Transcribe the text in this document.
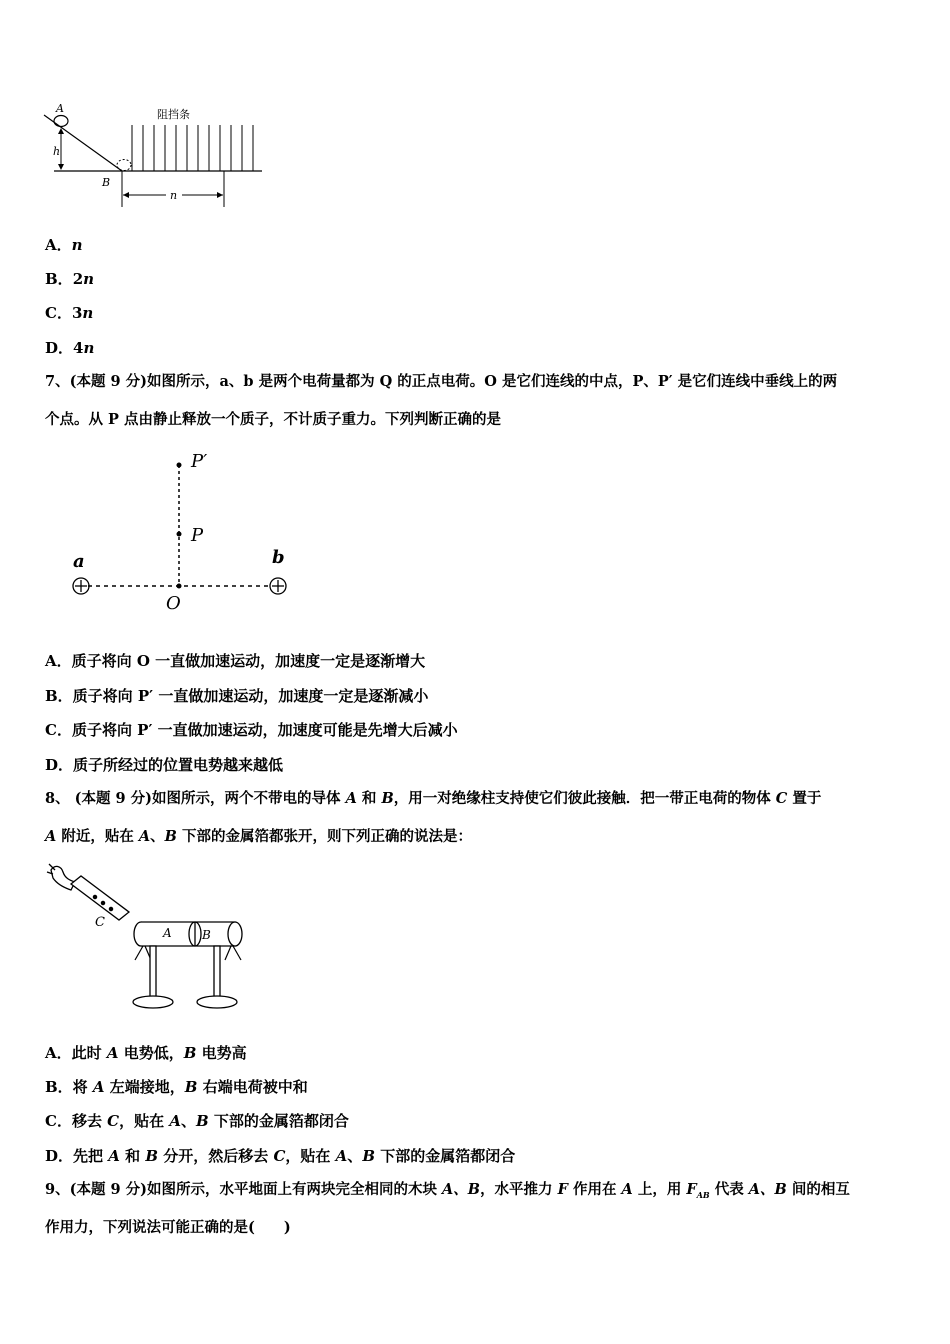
A
h
B
阻挡条
n
A．n
B．2n
C．3n
D．4n
7、(本题 9 分)如图所示，a、b 是两个电荷量都为 Q 的正点电荷。O 是它们连线的中点，P、P′ 是它们连线中垂线上的两
个点。从 P 点由静止释放一个质子，不计质子重力。下列判断正确的是
a	b
O
P
P′
A．质子将向 O 一直做加速运动，加速度一定是逐渐增大
B．质子将向 P′ 一直做加速运动，加速度一定是逐渐减小
C．质子将向 P′ 一直做加速运动，加速度可能是先增大后减小
D．质子所经过的位置电势越来越低
8、 (本题 9 分)如图所示，两个不带电的导体 A 和 B，用一对绝缘柱支持使它们彼此接触．把一带正电荷的物体 C 置于
A 附近，贴在 A、B 下部的金属箔都张开，则下列正确的说法是：
C
A	B
A．此时 A 电势低，B 电势高
B．将 A 左端接地，B 右端电荷被中和
C．移去 C，贴在 A、B 下部的金属箔都闭合
D．先把 A 和 B 分开，然后移去 C，贴在 A、B 下部的金属箔都闭合
9、(本题 9 分)如图所示，水平地面上有两块完全相同的木块 A、B，水平推力 F 作用在 A 上，用 $F_{AB}$ 代表 A、B 间的相互
作用力，下列说法可能正确的是(　　)
